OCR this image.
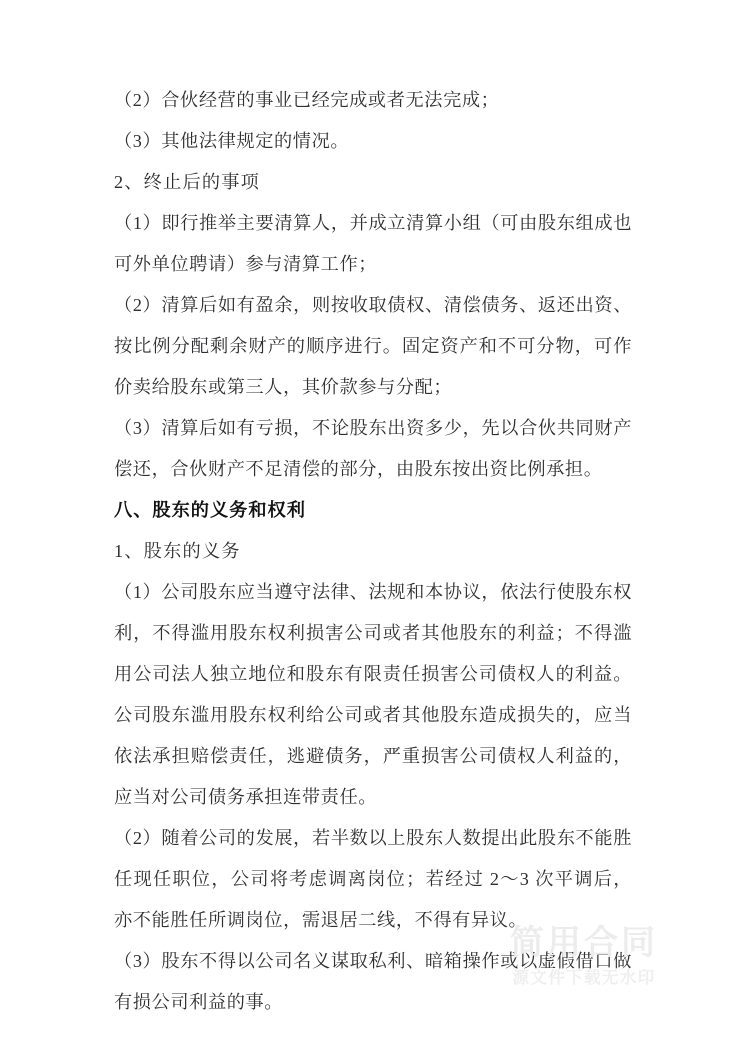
（2）合伙经营的事业已经完成或者无法完成；

（3）其他法律规定的情况。

2、终止后的事项

（1）即行推举主要清算人，并成立清算小组（可由股东组成也可外单位聘请）参与清算工作；

（2）清算后如有盈余，则按收取债权、清偿债务、返还出资、按比例分配剩余财产的顺序进行。固定资产和不可分物，可作价卖给股东或第三人，其价款参与分配；

（3）清算后如有亏损，不论股东出资多少，先以合伙共同财产偿还，合伙财产不足清偿的部分，由股东按出资比例承担。

八、股东的义务和权利

1、股东的义务

（1）公司股东应当遵守法律、法规和本协议，依法行使股东权利，不得滥用股东权利损害公司或者其他股东的利益；不得滥用公司法人独立地位和股东有限责任损害公司债权人的利益。公司股东滥用股东权利给公司或者其他股东造成损失的，应当依法承担赔偿责任，逃避债务，严重损害公司债权人利益的，应当对公司债务承担连带责任。

（2）随着公司的发展，若半数以上股东人数提出此股东不能胜任现任职位，公司将考虑调离岗位；若经过 2～3 次平调后，亦不能胜任所调岗位，需退居二线，不得有异议。

（3）股东不得以公司名义谋取私利、暗箱操作或以虚假借口做有损公司利益的事。

简用合同
源文件下载无水印
